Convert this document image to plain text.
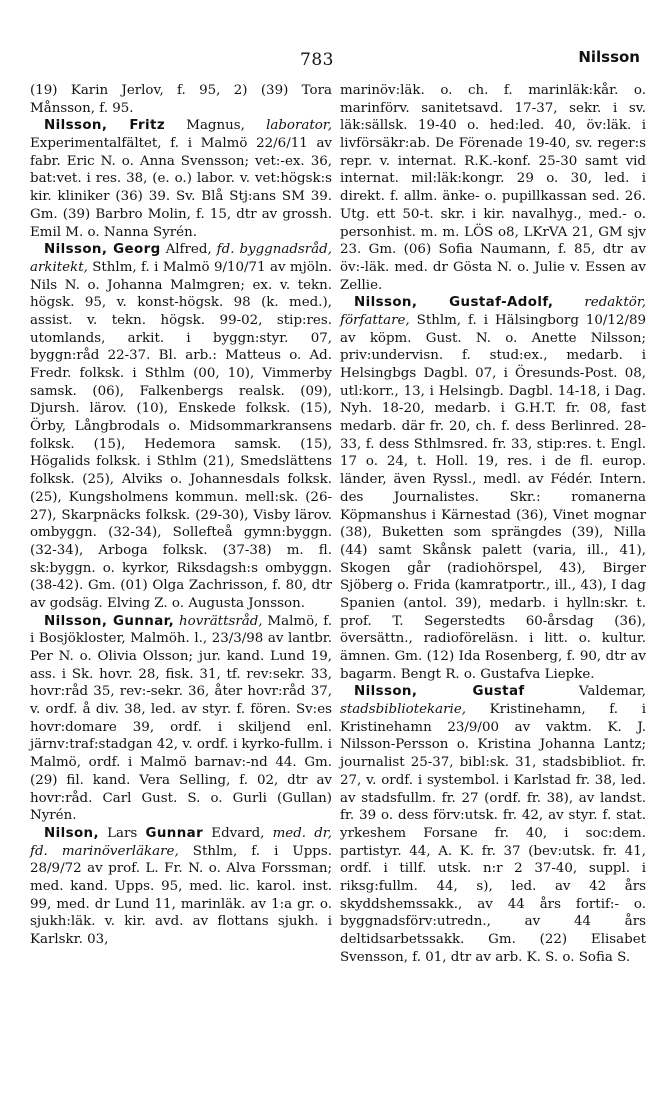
783	Nilsson

(19) Karin Jerlov, f. 95, 2) (39) Tora Månsson, f. 95.

Nilsson, Fritz Magnus, laborator, Experimentalfältet, f. i Malmö 22/6/11 av fabr. Eric N. o. Anna Svensson; vet:-ex. 36, bat:vet. i res. 38, (e. o.) labor. v. vet:högsk:s kir. kliniker (36) 39. Sv. Blå Stj:ans SM 39. Gm. (39) Barbro Molin, f. 15, dtr av grossh. Emil M. o. Nanna Syrén.

Nilsson, Georg Alfred, fd. byggnadsråd, arkitekt, Sthlm, f. i Malmö 9/10/71 av mjöln. Nils N. o. Johanna Malmgren; ex. v. tekn. högsk. 95, v. konst-högsk. 98 (k. med.), assist. v. tekn. högsk. 99-02, stip:res. utomlands, arkit. i byggn:styr. 07, byggn:råd 22-37. Bl. arb.: Matteus o. Ad. Fredr. folksk. i Sthlm (00, 10), Vimmerby samsk. (06), Falkenbergs realsk. (09), Djursh. lärov. (10), Enskede folksk. (15), Örby, Långbrodals o. Midsommarkransens folksk. (15), Hedemora samsk. (15), Högalids folksk. i Sthlm (21), Smedslättens folksk. (25), Alviks o. Johannesdals folksk. (25), Kungsholmens kommun. mell:sk. (26-27), Skarpnäcks folksk. (29-30), Visby lärov. ombyggn. (32-34), Sollefteå gymn:byggn. (32-34), Arboga folksk. (37-38) m. fl. sk:byggn. o. kyrkor, Riksdagsh:s ombyggn. (38-42). Gm. (01) Olga Zachrisson, f. 80, dtr av godsäg. Elving Z. o. Augusta Jonsson.

Nilsson, Gunnar, hovrättsråd, Malmö, f. i Bosjökloster, Malmöh. l., 23/3/98 av lantbr. Per N. o. Olivia Olsson; jur. kand. Lund 19, ass. i Sk. hovr. 28, fisk. 31, tf. rev:sekr. 33, hovr:råd 35, rev:-sekr. 36, åter hovr:råd 37, v. ordf. å div. 38, led. av styr. f. fören. Sv:es hovr:domare 39, ordf. i skiljend enl. järnv:traf:stadgan 42, v. ordf. i kyrko-fullm. i Malmö, ordf. i Malmö barnav:-nd 44. Gm. (29) fil. kand. Vera Selling, f. 02, dtr av hovr:råd. Carl Gust. S. o. Gurli (Gullan) Nyrén.

Nilson, Lars Gunnar Edvard, med. dr, fd. marinöverläkare, Sthlm, f. i Upps. 28/9/72 av prof. L. Fr. N. o. Alva Forssman; med. kand. Upps. 95, med. lic. karol. inst. 99, med. dr Lund 11, marinläk. av 1:a gr. o. sjukh:läk. v. kir. avd. av flottans sjukh. i Karlskr. 03,

marinöv:läk. o. ch. f. marinläk:kår. o. marinförv. sanitetsavd. 17-37, sekr. i sv. läk:sällsk. 19-40 o. hed:led. 40, öv:läk. i livförsäkr:ab. De Förenade 19-40, sv. reger:s repr. v. internat. R.K.-konf. 25-30 samt vid internat. mil:läk:kongr. 29 o. 30, led. i direkt. f. allm. änke- o. pupillkassan sed. 26. Utg. ett 50-t. skr. i kir. navalhyg., med.- o. personhist. m. m. LÖS o8, LKrVA 21, GM sjv 23. Gm. (06) Sofia Naumann, f. 85, dtr av öv:-läk. med. dr Gösta N. o. Julie v. Essen av Zellie.

Nilsson, Gustaf-Adolf, redaktör, författare, Sthlm, f. i Hälsingborg 10/12/89 av köpm. Gust. N. o. Anette Nilsson; priv:undervisn. f. stud:ex., medarb. i Helsingbgs Dagbl. 07, i Öresunds-Post. 08, utl:korr., 13, i Helsingb. Dagbl. 14-18, i Dag. Nyh. 18-20, medarb. i G.H.T. fr. 08, fast medarb. där fr. 20, ch. f. dess Berlinred. 28-33, f. dess Sthlmsred. fr. 33, stip:res. t. Engl. 17 o. 24, t. Holl. 19, res. i de fl. europ. länder, även Ryssl., medl. av Fédér. Intern. des Journalistes. Skr.: romanerna Köpmanshus i Kärnestad (36), Vinet mognar (38), Buketten som sprängdes (39), Nilla (44) samt Skånsk palett (varia, ill., 41), Skogen går (radiohörspel, 43), Birger Sjöberg o. Frida (kamratportr., ill., 43), I dag Spanien (antol. 39), medarb. i hylln:skr. t. prof. T. Segerstedts 60-årsdag (36), översättn., radioföreläsn. i litt. o. kultur. ämnen. Gm. (12) Ida Rosenberg, f. 90, dtr av bagarm. Bengt R. o. Gustafva Liepke.

Nilsson, Gustaf Valdemar, stadsbibliotekarie, Kristinehamn, f. i Kristinehamn 23/9/00 av vaktm. K. J. Nilsson-Persson o. Kristina Johanna Lantz; journalist 25-37, bibl:sk. 31, stadsbibliot. fr. 27, v. ordf. i systembol. i Karlstad fr. 38, led. av stadsfullm. fr. 27 (ordf. fr. 38), av landst. fr. 39 o. dess förv:utsk. fr. 42, av styr. f. stat. yrkeshem Forsane fr. 40, i soc:dem. partistyr. 44, A. K. fr. 37 (bev:utsk. fr. 41, ordf. i tillf. utsk. n:r 2 37-40, suppl. i riksg:fullm. 44, s), led. av 42 års skyddshemssakk., av 44 års fortif:- o. byggnadsförv:utredn., av 44 års deltidsarbetssakk. Gm. (22) Elisabet Svensson, f. 01, dtr av arb. K. S. o. Sofia S.
